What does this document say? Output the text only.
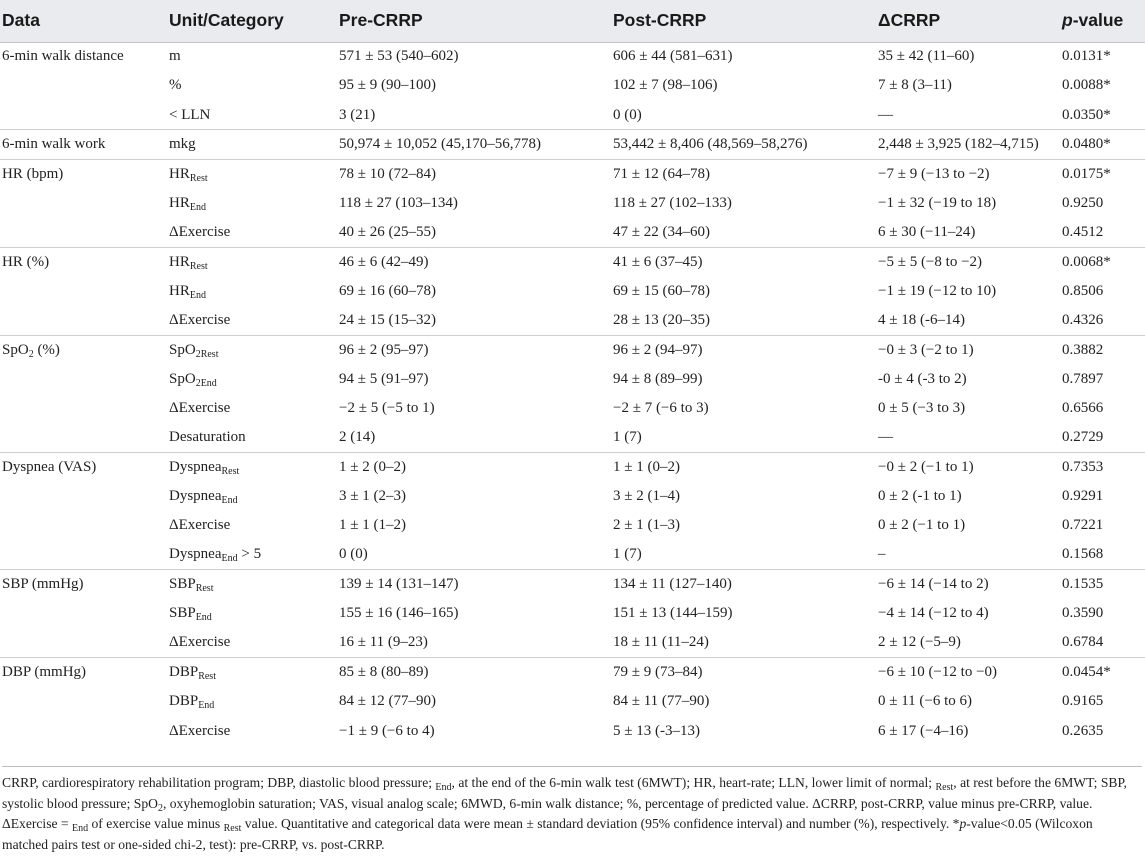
Data	Unit/Category	Pre-CRRP	Post-CRRP	ΔCRRP	p-value
6-min walk distance	m	571 ± 53 (540–602)	606 ± 44 (581–631)	35 ± 42 (11–60)	0.0131*
	%	95 ± 9 (90–100)	102 ± 7 (98–106)	7 ± 8 (3–11)	0.0088*
	< LLN	3 (21)	0 (0)	—	0.0350*
6-min walk work	mkg	50,974 ± 10,052 (45,170–56,778)	53,442 ± 8,406 (48,569–58,276)	2,448 ± 3,925 (182–4,715)	0.0480*
HR (bpm)	$HR_{Rest}$	78 ± 10 (72–84)	71 ± 12 (64–78)	−7 ± 9 (−13 to −2)	0.0175*
	$HR_{End}$	118 ± 27 (103–134)	118 ± 27 (102–133)	−1 ± 32 (−19 to 18)	0.9250
	ΔExercise	40 ± 26 (25–55)	47 ± 22 (34–60)	6 ± 30 (−11–24)	0.4512
HR (%)	$HR_{Rest}$	46 ± 6 (42–49)	41 ± 6 (37–45)	−5 ± 5 (−8 to −2)	0.0068*
	$HR_{End}$	69 ± 16 (60–78)	69 ± 15 (60–78)	−1 ± 19 (−12 to 10)	0.8506
	ΔExercise	24 ± 15 (15–32)	28 ± 13 (20–35)	4 ± 18 (-6–14)	0.4326
SpO$_2$ (%)	SpO$_{2Rest}$	96 ± 2 (95–97)	96 ± 2 (94–97)	−0 ± 3 (−2 to 1)	0.3882
	SpO$_{2End}$	94 ± 5 (91–97)	94 ± 8 (89–99)	-0 ± 4 (-3 to 2)	0.7897
	ΔExercise	−2 ± 5 (−5 to 1)	−2 ± 7 (−6 to 3)	0 ± 5 (−3 to 3)	0.6566
	Desaturation	2 (14)	1 (7)	—	0.2729
Dyspnea (VAS)	Dyspnea$_{Rest}$	1 ± 2 (0–2)	1 ± 1 (0–2)	−0 ± 2 (−1 to 1)	0.7353
	Dyspnea$_{End}$	3 ± 1 (2–3)	3 ± 2 (1–4)	0 ± 2 (-1 to 1)	0.9291
	ΔExercise	1 ± 1 (1–2)	2 ± 1 (1–3)	0 ± 2 (−1 to 1)	0.7221
	Dyspnea$_{End}$ > 5	0 (0)	1 (7)	–	0.1568
SBP (mmHg)	$SBP_{Rest}$	139 ± 14 (131–147)	134 ± 11 (127–140)	−6 ± 14 (−14 to 2)	0.1535
	$SBP_{End}$	155 ± 16 (146–165)	151 ± 13 (144–159)	−4 ± 14 (−12 to 4)	0.3590
	ΔExercise	16 ± 11 (9–23)	18 ± 11 (11–24)	2 ± 12 (−5–9)	0.6784
DBP (mmHg)	$DBP_{Rest}$	85 ± 8 (80–89)	79 ± 9 (73–84)	−6 ± 10 (−12 to −0)	0.0454*
	$DBP_{End}$	84 ± 12 (77–90)	84 ± 11 (77–90)	0 ± 11 (−6 to 6)	0.9165
	ΔExercise	−1 ± 9 (−6 to 4)	5 ± 13 (-3–13)	6 ± 17 (−4–16)	0.2635
CRRP, cardiorespiratory rehabilitation program; DBP, diastolic blood pressure; $_{End}$, at the end of the 6-min walk test (6MWT); HR, heart-rate; LLN, lower limit of normal; $_{Rest}$, at rest before the 6MWT; SBP, systolic blood pressure; SpO$_2$, oxyhemoglobin saturation; VAS, visual analog scale; 6MWD, 6-min walk distance; %, percentage of predicted value. ΔCRRP, post-CRRP, value minus pre-CRRP, value. ΔExercise = $_{End}$ of exercise value minus $_{Rest}$ value. Quantitative and categorical data were mean ± standard deviation (95% confidence interval) and number (%), respectively. *p-value<0.05 (Wilcoxon matched pairs test or one-sided chi-2, test): pre-CRRP, vs. post-CRRP.
